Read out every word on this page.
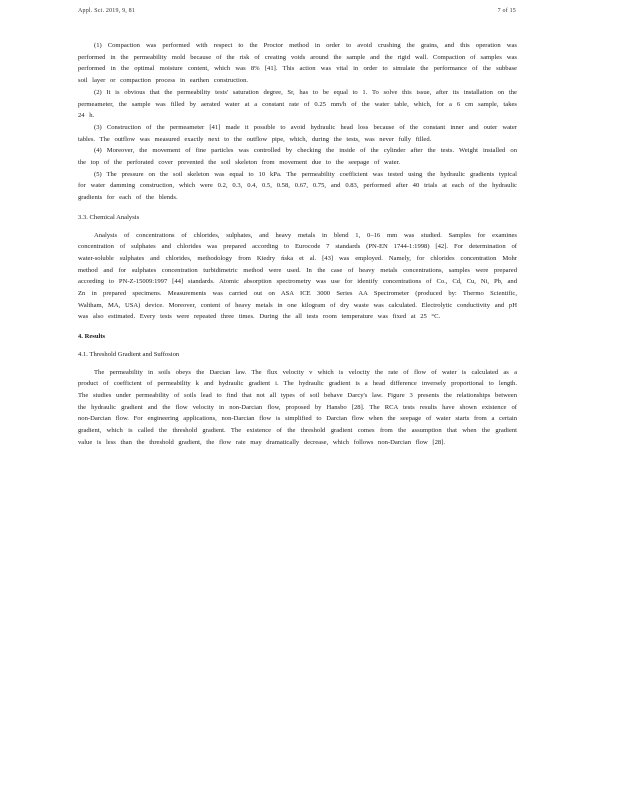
Appl. Sci. 2019, 9, 81	7 of 15

(1) Compaction was performed with respect to the Proctor method in order to avoid crushing the grains, and this operation was performed in the permeability mold because of the risk of creating voids around the sample and the rigid wall. Compaction of samples was performed in the optimal moisture content, which was 8% [41]. This action was vital in order to simulate the performance of the subbase soil layer or compaction process in earthen construction.

(2) It is obvious that the permeability tests' saturation degree, Sr, has to be equal to 1. To solve this issue, after its installation on the permeameter, the sample was filled by aerated water at a constant rate of 0.25 mm/h of the water table, which, for a 6 cm sample, takes 24 h.

(3) Construction of the permeameter [41] made it possible to avoid hydraulic head loss because of the constant inner and outer water tables. The outflow was measured exactly next to the outflow pipe, which, during the tests, was never fully filled.

(4) Moreover, the movement of fine particles was controlled by checking the inside of the cylinder after the tests. Weight installed on the top of the perforated cover prevented the soil skeleton from movement due to the seepage of water.

(5) The pressure on the soil skeleton was equal to 10 kPa. The permeability coefficient was tested using the hydraulic gradients typical for water damming construction, which were 0.2, 0.3, 0.4, 0.5, 0.58, 0.67, 0.75, and 0.83, performed after 40 trials at each of the hydraulic gradients for each of the blends.

3.3. Chemical Analysis

Analysis of concentrations of chlorides, sulphates, and heavy metals in blend 1, 0–16 mm was studied. Samples for examines concentration of sulphates and chlorides was prepared according to Eurocode 7 standards (PN-EN 1744-1:1998) [42]. For determination of water-soluble sulphates and chlorides, methodology from Kiedry ńska et al. [43] was employed. Namely, for chlorides concentration Mohr method and for sulphates concentration turbidimetric method were used. In the case of heavy metals concentrations, samples were prepared according to PN-Z-15009:1997 [44] standards. Atomic absorption spectrometry was use for identify concentrations of Co., Cd, Cu, Ni, Pb, and Zn in prepared specimens. Measurements was carried out on ASA ICE 3000 Series AA Spectrometer (produced by: Thermo Scientific, Waltham, MA, USA) device. Moreover, content of heavy metals in one kilogram of dry waste was calculated. Electrolytic conductivity and pH was also estimated. Every tests were repeated three times. During the all tests room temperature was fixed at 25 °C.

4. Results

4.1. Threshold Gradient and Suffosion

The permeability in soils obeys the Darcian law. The flux velocity v which is velocity the rate of flow of water is calculated as a product of coefficient of permeability k and hydraulic gradient i. The hydraulic gradient is a head difference inversely proportional to length. The studies under permeability of soils lead to find that not all types of soil behave Darcy's law. Figure 3 presents the relationships between the hydraulic gradient and the flow velocity in non-Darcian flow, proposed by Hansbo [28]. The RCA tests results have shown existence of non-Darcian flow. For engineering applications, non-Darcian flow is simplified to Darcian flow when the seepage of water starts from a certain gradient, which is called the threshold gradient. The existence of the threshold gradient comes from the assumption that when the gradient value is less than the threshold gradient, the flow rate may dramatically decrease, which follows non-Darcian flow [28].
